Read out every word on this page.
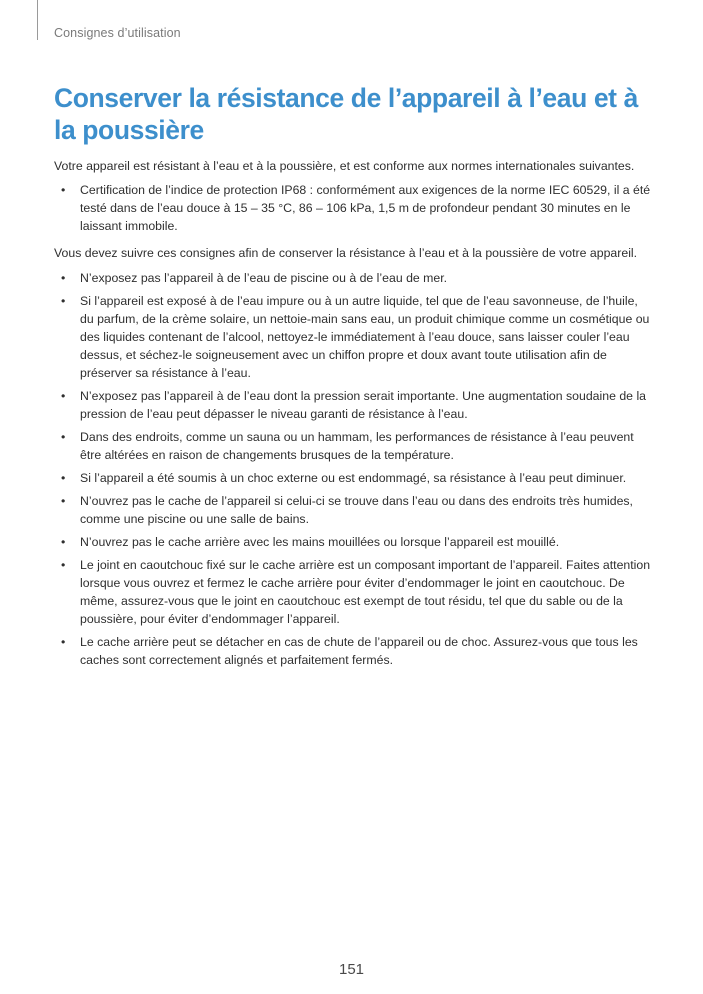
Consignes d’utilisation
Conserver la résistance de l’appareil à l’eau et à la poussière

Votre appareil est résistant à l’eau et à la poussière, et est conforme aux normes internationales suivantes.

• Certification de l’indice de protection IP68 : conformément aux exigences de la norme IEC 60529, il a été testé dans de l’eau douce à 15 – 35 °C, 86 – 106 kPa, 1,5 m de profondeur pendant 30 minutes en le laissant immobile.

Vous devez suivre ces consignes afin de conserver la résistance à l’eau et à la poussière de votre appareil.

• N’exposez pas l’appareil à de l’eau de piscine ou à de l’eau de mer.
• Si l’appareil est exposé à de l’eau impure ou à un autre liquide, tel que de l’eau savonneuse, de l’huile, du parfum, de la crème solaire, un nettoie-main sans eau, un produit chimique comme un cosmétique ou des liquides contenant de l’alcool, nettoyez-le immédiatement à l’eau douce, sans laisser couler l’eau dessus, et séchez-le soigneusement avec un chiffon propre et doux avant toute utilisation afin de préserver sa résistance à l’eau.
• N’exposez pas l’appareil à de l’eau dont la pression serait importante. Une augmentation soudaine de la pression de l’eau peut dépasser le niveau garanti de résistance à l’eau.
• Dans des endroits, comme un sauna ou un hammam, les performances de résistance à l’eau peuvent être altérées en raison de changements brusques de la température.
• Si l’appareil a été soumis à un choc externe ou est endommagé, sa résistance à l’eau peut diminuer.
• N’ouvrez pas le cache de l’appareil si celui-ci se trouve dans l’eau ou dans des endroits très humides, comme une piscine ou une salle de bains.
• N’ouvrez pas le cache arrière avec les mains mouillées ou lorsque l’appareil est mouillé.
• Le joint en caoutchouc fixé sur le cache arrière est un composant important de l’appareil. Faites attention lorsque vous ouvrez et fermez le cache arrière pour éviter d’endommager le joint en caoutchouc. De même, assurez-vous que le joint en caoutchouc est exempt de tout résidu, tel que du sable ou de la poussière, pour éviter d’endommager l’appareil.
• Le cache arrière peut se détacher en cas de chute de l’appareil ou de choc. Assurez-vous que tous les caches sont correctement alignés et parfaitement fermés.
151
